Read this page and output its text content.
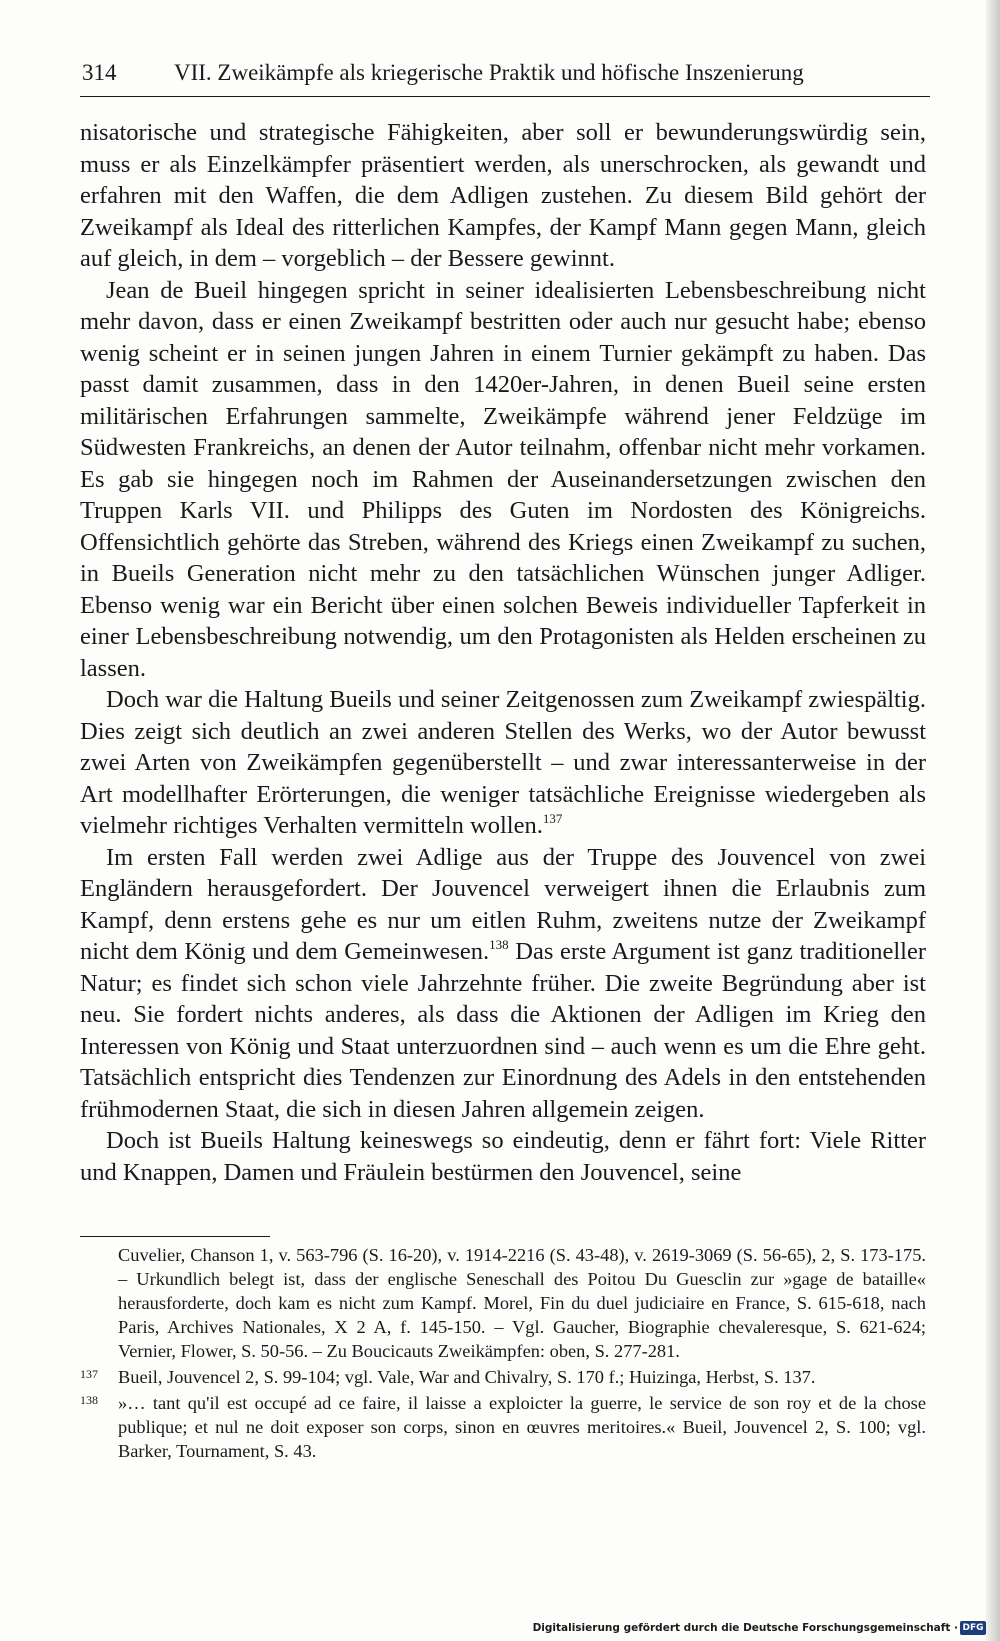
314	VII. Zweikämpfe als kriegerische Praktik und höfische Inszenierung

nisatorische und strategische Fähigkeiten, aber soll er bewunderungswürdig sein, muss er als Einzelkämpfer präsentiert werden, als unerschrocken, als gewandt und erfahren mit den Waffen, die dem Adligen zustehen. Zu diesem Bild gehört der Zweikampf als Ideal des ritterlichen Kampfes, der Kampf Mann gegen Mann, gleich auf gleich, in dem – vorgeblich – der Bessere gewinnt.

Jean de Bueil hingegen spricht in seiner idealisierten Lebensbeschreibung nicht mehr davon, dass er einen Zweikampf bestritten oder auch nur gesucht habe; ebenso wenig scheint er in seinen jungen Jahren in einem Turnier gekämpft zu haben. Das passt damit zusammen, dass in den 1420er-Jahren, in denen Bueil seine ersten militärischen Erfahrungen sammelte, Zweikämpfe während jener Feldzüge im Südwesten Frankreichs, an denen der Autor teilnahm, offenbar nicht mehr vorkamen. Es gab sie hingegen noch im Rahmen der Auseinandersetzungen zwischen den Truppen Karls VII. und Philipps des Guten im Nordosten des Königreichs. Offensichtlich gehörte das Streben, während des Kriegs einen Zweikampf zu suchen, in Bueils Generation nicht mehr zu den tatsächlichen Wünschen junger Adliger. Ebenso wenig war ein Bericht über einen solchen Beweis individueller Tapferkeit in einer Lebensbeschreibung notwendig, um den Protagonisten als Helden erscheinen zu lassen.

Doch war die Haltung Bueils und seiner Zeitgenossen zum Zweikampf zwiespältig. Dies zeigt sich deutlich an zwei anderen Stellen des Werks, wo der Autor bewusst zwei Arten von Zweikämpfen gegenüberstellt – und zwar interessanterweise in der Art modellhafter Erörterungen, die weniger tatsächliche Ereignisse wiedergeben als vielmehr richtiges Verhalten vermitteln wollen.$^{137}$

Im ersten Fall werden zwei Adlige aus der Truppe des Jouvencel von zwei Engländern herausgefordert. Der Jouvencel verweigert ihnen die Erlaubnis zum Kampf, denn erstens gehe es nur um eitlen Ruhm, zweitens nutze der Zweikampf nicht dem König und dem Gemeinwesen.$^{138}$ Das erste Argument ist ganz traditioneller Natur; es findet sich schon viele Jahrzehnte früher. Die zweite Begründung aber ist neu. Sie fordert nichts anderes, als dass die Aktionen der Adligen im Krieg den Interessen von König und Staat unterzuordnen sind – auch wenn es um die Ehre geht. Tatsächlich entspricht dies Tendenzen zur Einordnung des Adels in den entstehenden frühmodernen Staat, die sich in diesen Jahren allgemein zeigen.

Doch ist Bueils Haltung keineswegs so eindeutig, denn er fährt fort: Viele Ritter und Knappen, Damen und Fräulein bestürmen den Jouvencel, seine

Cuvelier, Chanson 1, v. 563-796 (S. 16-20), v. 1914-2216 (S. 43-48), v. 2619-3069 (S. 56-65), 2, S. 173-175. – Urkundlich belegt ist, dass der englische Seneschall des Poitou Du Guesclin zur »gage de bataille« herausforderte, doch kam es nicht zum Kampf. Morel, Fin du duel judiciaire en France, S. 615-618, nach Paris, Archives Nationales, X 2 A, f. 145-150. – Vgl. Gaucher, Biographie chevaleresque, S. 621-624; Vernier, Flower, S. 50-56. – Zu Boucicauts Zweikämpfen: oben, S. 277-281.
137 Bueil, Jouvencel 2, S. 99-104; vgl. Vale, War and Chivalry, S. 170 f.; Huizinga, Herbst, S. 137.
138 »… tant qu'il est occupé ad ce faire, il laisse a exploicter la guerre, le service de son roy et de la chose publique; et nul ne doit exposer son corps, sinon en œuvres meritoires.« Bueil, Jouvencel 2, S. 100; vgl. Barker, Tournament, S. 43.
Digitalisierung gefördert durch die Deutsche Forschungsgemeinschaft · DFG
